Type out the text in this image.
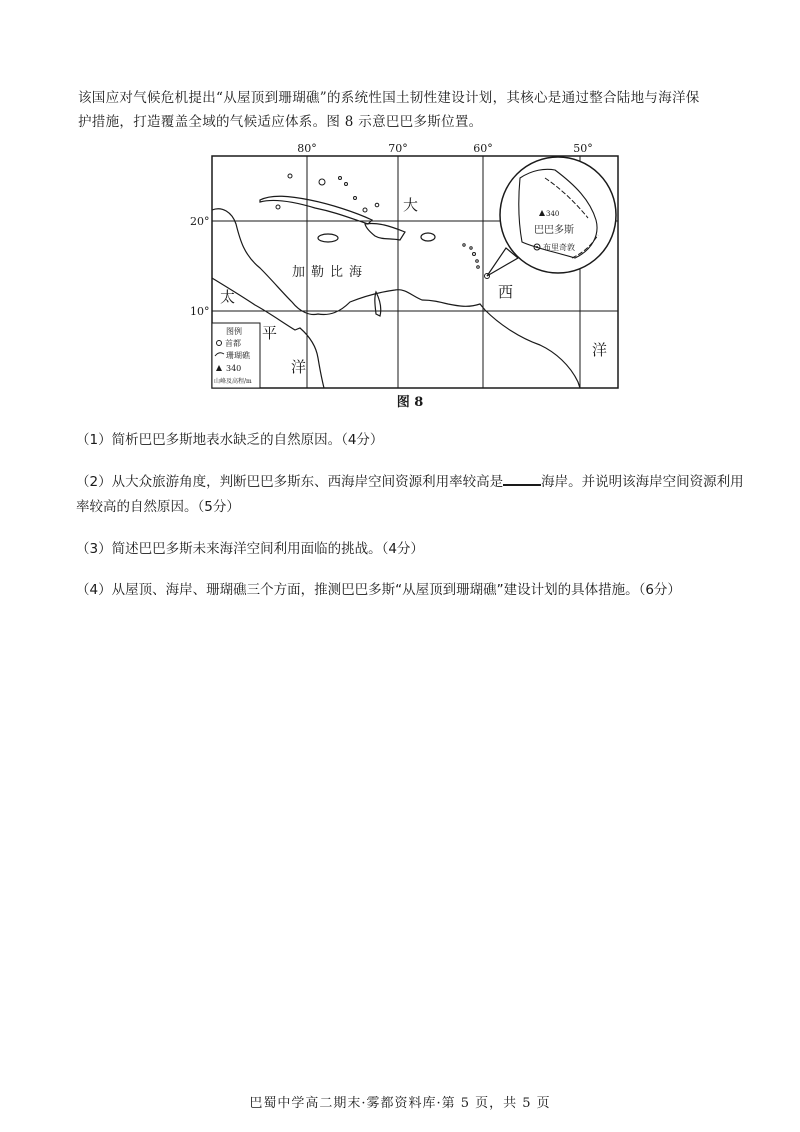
该国应对气候危机提出“从屋顶到珊瑚礁”的系统性国土韧性建设计划，其核心是通过整合陆地与海洋保
护措施，打造覆盖全域的气候适应体系。图 8 示意巴巴多斯位置。
80°	70°	60°	50°
20°
10°
340
巴巴多斯
布里奇敦
加 勒 比 海
大
西
洋
太
平
洋
图例
首都
珊瑚礁
340
山峰及高程/m
图 8
（1）简析巴巴多斯地表水缺乏的自然原因。（4分）
（2）从大众旅游角度，判断巴巴多斯东、西海岸空间资源利用率较高是	海岸。并说明该海岸空间资源利用率较高的自然原因。（5分）
（3）简述巴巴多斯未来海洋空间利用面临的挑战。（4分）
（4）从屋顶、海岸、珊瑚礁三个方面，推测巴巴多斯“从屋顶到珊瑚礁”建设计划的具体措施。（6分）
巴蜀中学高二期末·雾都资料库·第 5 页，共 5 页
